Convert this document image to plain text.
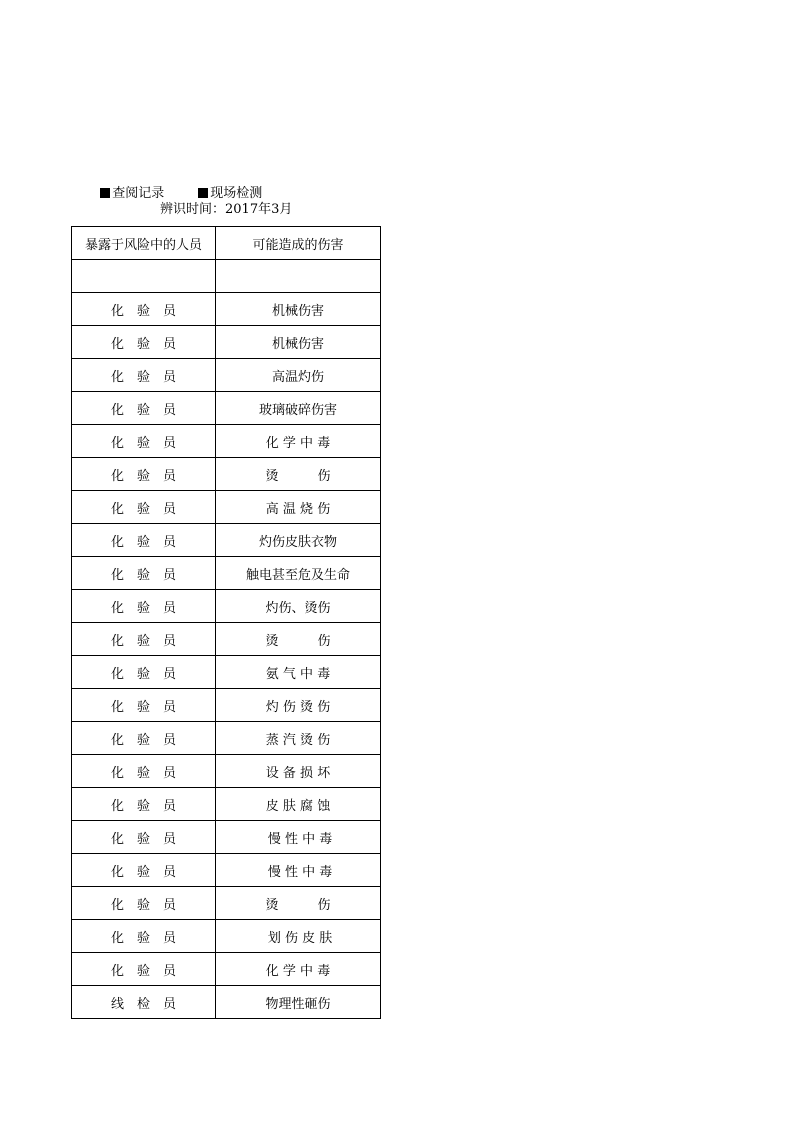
查阅记录	现场检测

辨识时间：2017年3月
暴露于风险中的人员	可能造成的伤害

化　验　员	机械伤害
化　验　员	机械伤害
化　验　员	高温灼伤
化　验　员	玻璃破碎伤害
化　验　员	化 学 中 毒
化　验　员	烫　　　伤
化　验　员	高 温 烧 伤
化　验　员	灼伤皮肤衣物
化　验　员	触电甚至危及生命
化　验　员	灼伤、烫伤
化　验　员	烫　　　伤
化　验　员	氨 气 中 毒
化　验　员	灼 伤 烫 伤
化　验　员	蒸 汽 烫 伤
化　验　员	设 备 损 坏
化　验　员	皮 肤 腐 蚀
化　验　员	慢 性 中 毒
化　验　员	慢 性 中 毒
化　验　员	烫　　　伤
化　验　员	划 伤 皮 肤
化　验　员	化 学 中 毒
线　检　员	物理性砸伤
